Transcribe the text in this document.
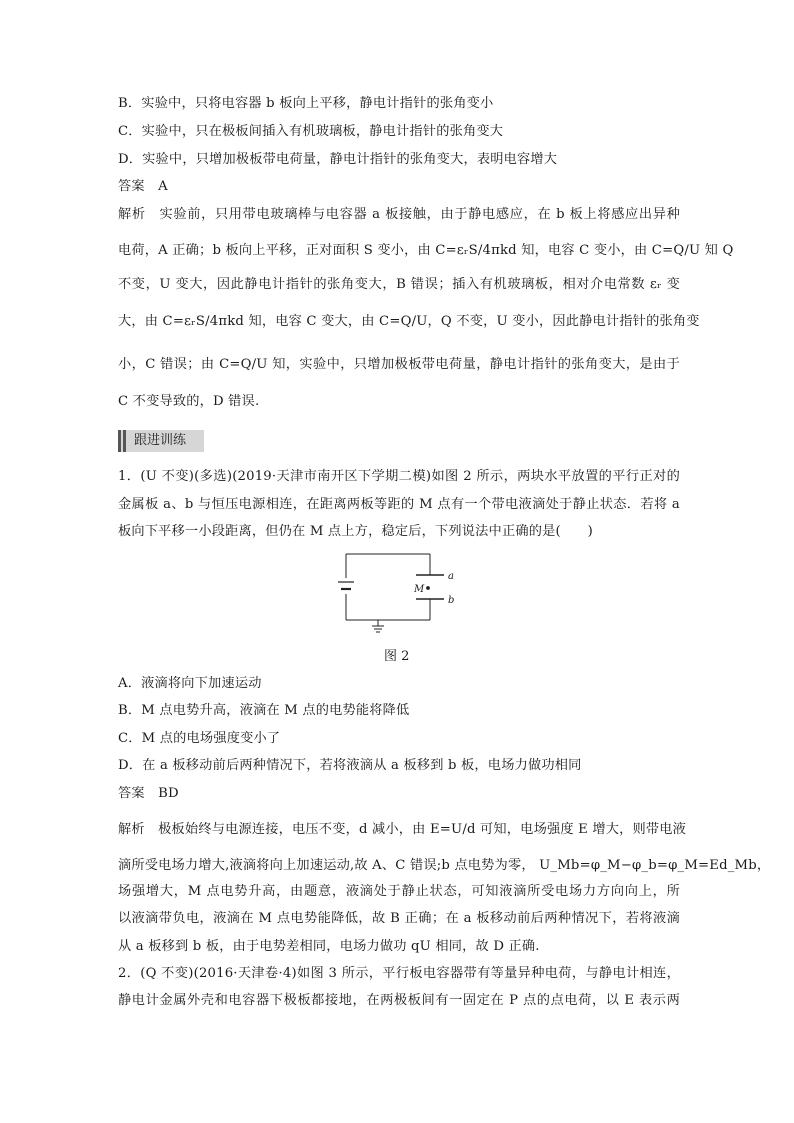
B．实验中，只将电容器 b 板向上平移，静电计指针的张角变小
C．实验中，只在极板间插入有机玻璃板，静电计指针的张角变大
D．实验中，只增加极板带电荷量，静电计指针的张角变大，表明电容增大
答案　A
解析　实验前，只用带电玻璃棒与电容器 a 板接触，由于静电感应，在 b 板上将感应出异种
电荷，A 正确；b 板向上平移，正对面积 S 变小，由 C=εᵣS/4πkd 知，电容 C 变小，由 C=Q/U 知 Q
不变，U 变大，因此静电计指针的张角变大，B 错误；插入有机玻璃板，相对介电常数 εᵣ 变
大，由 C=εᵣS/4πkd 知，电容 C 变大，由 C=Q/U，Q 不变，U 变小，因此静电计指针的张角变
小，C 错误；由 C=Q/U 知，实验中，只增加极板带电荷量，静电计指针的张角变大，是由于
C 不变导致的，D 错误.
跟进训练
1．(U 不变)(多选)(2019·天津市南开区下学期二模)如图 2 所示，两块水平放置的平行正对的
金属板 a、b 与恒压电源相连，在距离两板等距的 M 点有一个带电液滴处于静止状态．若将 a
板向下平移一小段距离，但仍在 M 点上方，稳定后，下列说法中正确的是(　　)
M
a
b
图 2
A．液滴将向下加速运动
B．M 点电势升高，液滴在 M 点的电势能将降低
C．M 点的电场强度变小了
D．在 a 板移动前后两种情况下，若将液滴从 a 板移到 b 板，电场力做功相同
答案　BD
解析　极板始终与电源连接，电压不变，d 减小，由 E=U/d 可知，电场强度 E 增大，则带电液
滴所受电场力增大,液滴将向上加速运动,故 A、C 错误;b 点电势为零， U_Mb=φ_M−φ_b=φ_M=Ed_Mb，
场强增大，M 点电势升高，由题意，液滴处于静止状态，可知液滴所受电场力方向向上，所
以液滴带负电，液滴在 M 点电势能降低，故 B 正确；在 a 板移动前后两种情况下，若将液滴
从 a 板移到 b 板，由于电势差相同，电场力做功 qU 相同，故 D 正确.
2．(Q 不变)(2016·天津卷·4)如图 3 所示，平行板电容器带有等量异种电荷，与静电计相连，
静电计金属外壳和电容器下极板都接地，在两极板间有一固定在 P 点的点电荷，以 E 表示两
